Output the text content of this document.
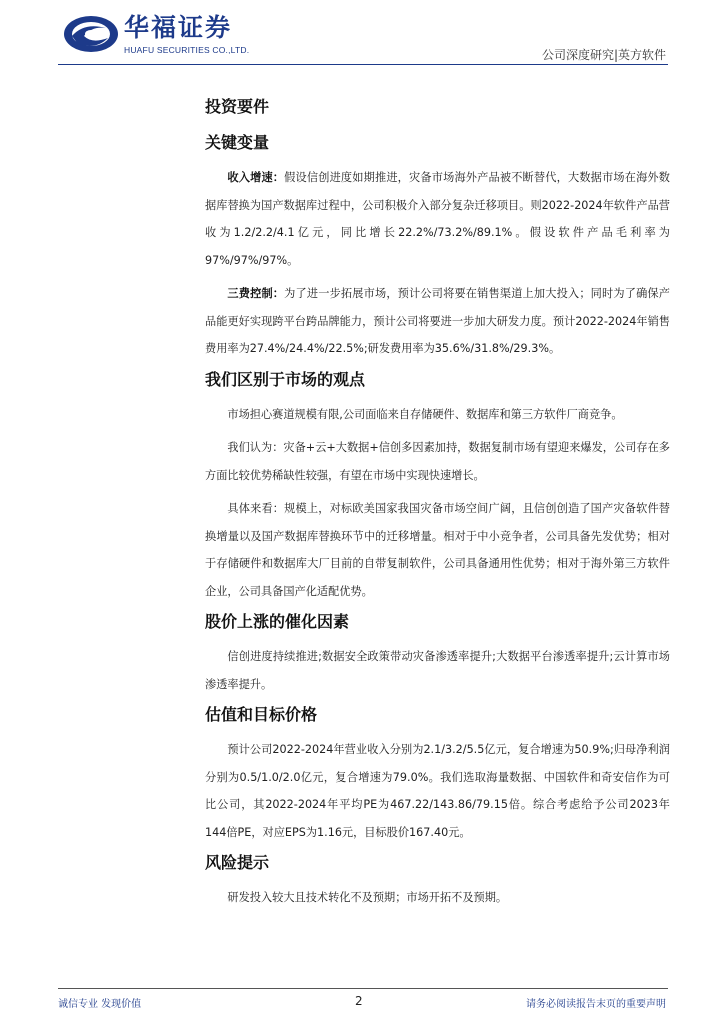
华福证券
HUAFU SECURITIES CO.,LTD.	公司深度研究|英方软件
投资要件
关键变量

收入增速：假设信创进度如期推进，灾备市场海外产品被不断替代，大数据市场在海外数据库替换为国产数据库过程中，公司积极介入部分复杂迁移项目。则2022-2024年软件产品营收为1.2/2.2/4.1亿元，同比增长22.2%/73.2%/89.1%。假设软件产品毛利率为97%/97%/97%。

三费控制：为了进一步拓展市场，预计公司将要在销售渠道上加大投入；同时为了确保产品能更好实现跨平台跨品牌能力，预计公司将要进一步加大研发力度。预计2022-2024年销售费用率为27.4%/24.4%/22.5%;研发费用率为35.6%/31.8%/29.3%。

我们区别于市场的观点

市场担心赛道规模有限,公司面临来自存储硬件、数据库和第三方软件厂商竞争。

我们认为：灾备+云+大数据+信创多因素加持，数据复制市场有望迎来爆发，公司存在多方面比较优势稀缺性较强，有望在市场中实现快速增长。

具体来看：规模上，对标欧美国家我国灾备市场空间广阔，且信创创造了国产灾备软件替换增量以及国产数据库替换环节中的迁移增量。相对于中小竞争者，公司具备先发优势；相对于存储硬件和数据库大厂目前的自带复制软件，公司具备通用性优势；相对于海外第三方软件企业，公司具备国产化适配优势。

股价上涨的催化因素

信创进度持续推进;数据安全政策带动灾备渗透率提升;大数据平台渗透率提升;云计算市场渗透率提升。

估值和目标价格

预计公司2022-2024年营业收入分别为2.1/3.2/5.5亿元，复合增速为50.9%;归母净利润分别为0.5/1.0/2.0亿元，复合增速为79.0%。我们选取海量数据、中国软件和奇安信作为可比公司，其2022-2024年平均PE为467.22/143.86/79.15倍。综合考虑给予公司2023年144倍PE，对应EPS为1.16元，目标股价167.40元。

风险提示

研发投入较大且技术转化不及预期；市场开拓不及预期。

诚信专业 发现价值	2	请务必阅读报告末页的重要声明
